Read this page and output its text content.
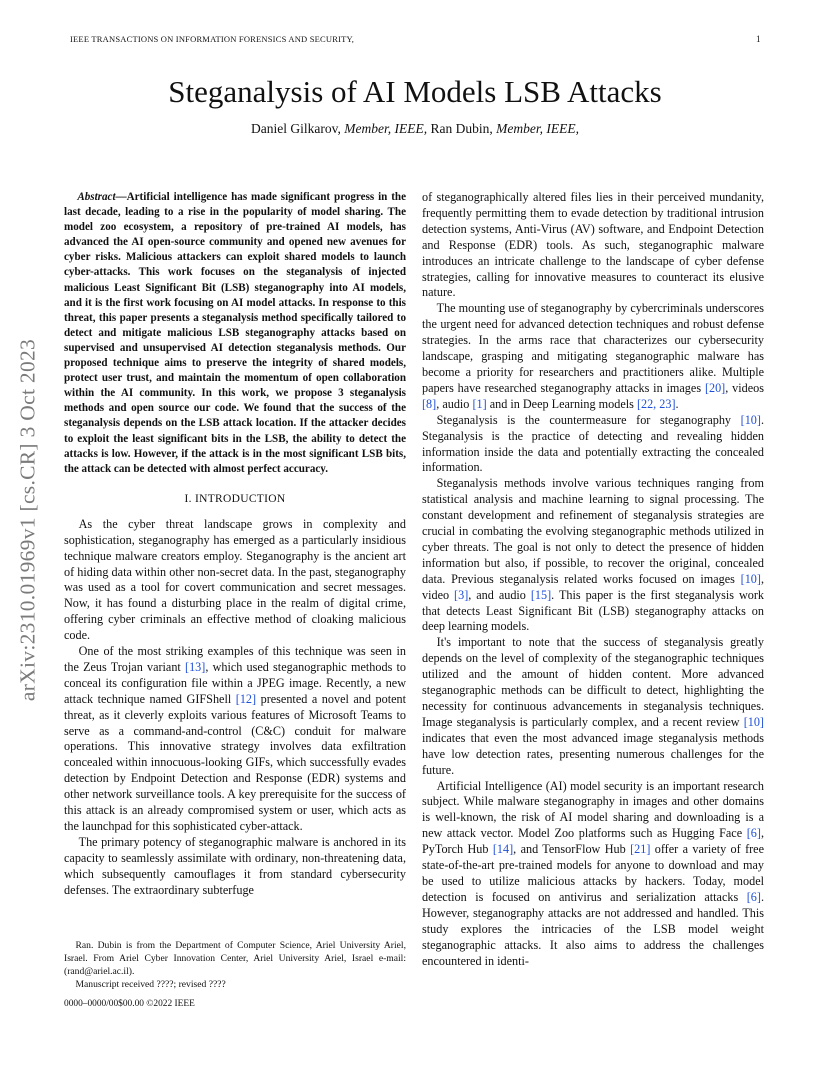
IEEE TRANSACTIONS ON INFORMATION FORENSICS AND SECURITY,	1
arXiv:2310.01969v1 [cs.CR] 3 Oct 2023
Steganalysis of AI Models LSB Attacks
Daniel Gilkarov, Member, IEEE, Ran Dubin, Member, IEEE,

Abstract—Artificial intelligence has made significant progress in the last decade, leading to a rise in the popularity of model sharing. The model zoo ecosystem, a repository of pre-trained AI models, has advanced the AI open-source community and opened new avenues for cyber risks. Malicious attackers can exploit shared models to launch cyber-attacks. This work focuses on the steganalysis of injected malicious Least Significant Bit (LSB) steganography into AI models, and it is the first work focusing on AI model attacks. In response to this threat, this paper presents a steganalysis method specifically tailored to detect and mitigate malicious LSB steganography attacks based on supervised and unsupervised AI detection steganalysis methods. Our proposed technique aims to preserve the integrity of shared models, protect user trust, and maintain the momentum of open collaboration within the AI community. In this work, we propose 3 steganalysis methods and open source our code. We found that the success of the steganalysis depends on the LSB attack location. If the attacker decides to exploit the least significant bits in the LSB, the ability to detect the attacks is low. However, if the attack is in the most significant LSB bits, the attack can be detected with almost perfect accuracy.

I. INTRODUCTION

As the cyber threat landscape grows in complexity and sophistication, steganography has emerged as a particularly insidious technique malware creators employ. Steganography is the ancient art of hiding data within other non-secret data. In the past, steganography was used as a tool for covert communication and secret messages. Now, it has found a disturbing place in the realm of digital crime, offering cyber criminals an effective method of cloaking malicious code.

One of the most striking examples of this technique was seen in the Zeus Trojan variant [13], which used steganographic methods to conceal its configuration file within a JPEG image. Recently, a new attack technique named GIFShell [12] presented a novel and potent threat, as it cleverly exploits various features of Microsoft Teams to serve as a command-and-control (C&C) conduit for malware operations. This innovative strategy involves data exfiltration concealed within innocuous-looking GIFs, which successfully evades detection by Endpoint Detection and Response (EDR) systems and other network surveillance tools. A key prerequisite for the success of this attack is an already compromised system or user, which acts as the launchpad for this sophisticated cyber-attack.

The primary potency of steganographic malware is anchored in its capacity to seamlessly assimilate with ordinary, non-threatening data, which subsequently camouflages it from standard cybersecurity defenses. The extraordinary subterfuge

of steganographically altered files lies in their perceived mundanity, frequently permitting them to evade detection by traditional intrusion detection systems, Anti-Virus (AV) software, and Endpoint Detection and Response (EDR) tools. As such, steganographic malware introduces an intricate challenge to the landscape of cyber defense strategies, calling for innovative measures to counteract its elusive nature.

The mounting use of steganography by cybercriminals underscores the urgent need for advanced detection techniques and robust defense strategies. In the arms race that characterizes our cybersecurity landscape, grasping and mitigating steganographic malware has become a priority for researchers and practitioners alike. Multiple papers have researched steganography attacks in images [20], videos [8], audio [1] and in Deep Learning models [22, 23].

Steganalysis is the countermeasure for steganography [10]. Steganalysis is the practice of detecting and revealing hidden information inside the data and potentially extracting the concealed information.

Steganalysis methods involve various techniques ranging from statistical analysis and machine learning to signal processing. The constant development and refinement of steganalysis strategies are crucial in combating the evolving steganographic methods utilized in cyber threats. The goal is not only to detect the presence of hidden information but also, if possible, to recover the original, concealed data. Previous steganalysis related works focused on images [10], video [3], and audio [15]. This paper is the first steganalysis work that detects Least Significant Bit (LSB) steganography attacks on deep learning models.

It's important to note that the success of steganalysis greatly depends on the level of complexity of the steganographic techniques utilized and the amount of hidden content. More advanced steganographic methods can be difficult to detect, highlighting the necessity for continuous advancements in steganalysis techniques. Image steganalysis is particularly complex, and a recent review [10] indicates that even the most advanced image steganalysis methods have low detection rates, presenting numerous challenges for the future.

Artificial Intelligence (AI) model security is an important research subject. While malware steganography in images and other domains is well-known, the risk of AI model sharing and downloading is a new attack vector. Model Zoo platforms such as Hugging Face [6], PyTorch Hub [14], and TensorFlow Hub [21] offer a variety of free state-of-the-art pre-trained models for anyone to download and may be used to utilize malicious attacks by hackers. Today, model detection is focused on antivirus and serialization attacks [6]. However, steganography attacks are not addressed and handled. This study explores the intricacies of the LSB model weight steganographic attacks. It also aims to address the challenges encountered in identi-

Ran. Dubin is from the Department of Computer Science, Ariel University Ariel, Israel. From Ariel Cyber Innovation Center, Ariel University Ariel, Israel e-mail: (rand@ariel.ac.il).

Manuscript received ????; revised ????

0000–0000/00$00.00 ©2022 IEEE
